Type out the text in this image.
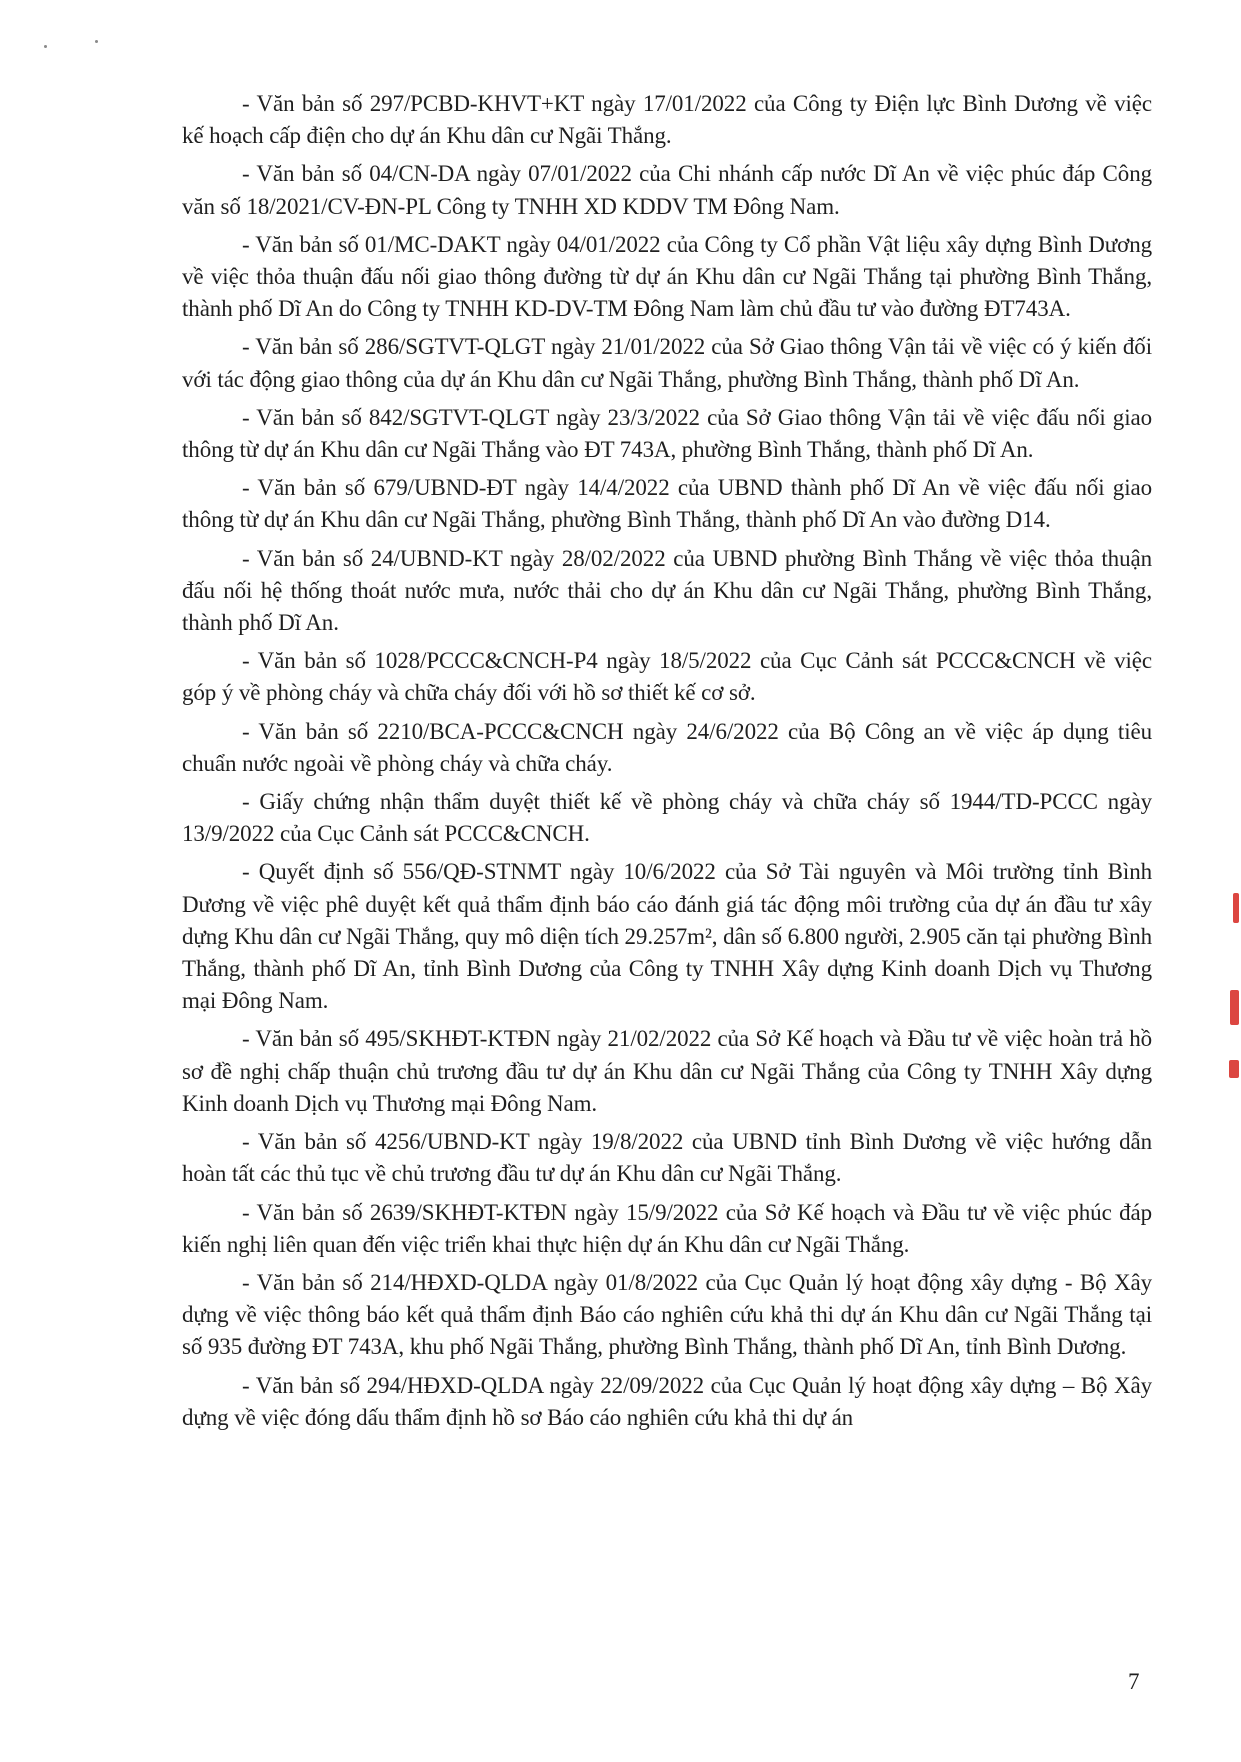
- Văn bản số 297/PCBD-KHVT+KT ngày 17/01/2022 của Công ty Điện lực Bình Dương về việc kế hoạch cấp điện cho dự án Khu dân cư Ngãi Thắng.

- Văn bản số 04/CN-DA ngày 07/01/2022 của Chi nhánh cấp nước Dĩ An về việc phúc đáp Công văn số 18/2021/CV-ĐN-PL Công ty TNHH XD KDDV TM Đông Nam.

- Văn bản số 01/MC-DAKT ngày 04/01/2022 của Công ty Cổ phần Vật liệu xây dựng Bình Dương về việc thỏa thuận đấu nối giao thông đường từ dự án Khu dân cư Ngãi Thắng tại phường Bình Thắng, thành phố Dĩ An do Công ty TNHH KD-DV-TM Đông Nam làm chủ đầu tư vào đường ĐT743A.

- Văn bản số 286/SGTVT-QLGT ngày 21/01/2022 của Sở Giao thông Vận tải về việc có ý kiến đối với tác động giao thông của dự án Khu dân cư Ngãi Thắng, phường Bình Thắng, thành phố Dĩ An.

- Văn bản số 842/SGTVT-QLGT ngày 23/3/2022 của Sở Giao thông Vận tải về việc đấu nối giao thông từ dự án Khu dân cư Ngãi Thắng vào ĐT 743A, phường Bình Thắng, thành phố Dĩ An.

- Văn bản số 679/UBND-ĐT ngày 14/4/2022 của UBND thành phố Dĩ An về việc đấu nối giao thông từ dự án Khu dân cư Ngãi Thắng, phường Bình Thắng, thành phố Dĩ An vào đường D14.

- Văn bản số 24/UBND-KT ngày 28/02/2022 của UBND phường Bình Thắng về việc thỏa thuận đấu nối hệ thống thoát nước mưa, nước thải cho dự án Khu dân cư Ngãi Thắng, phường Bình Thắng, thành phố Dĩ An.

- Văn bản số 1028/PCCC&CNCH-P4 ngày 18/5/2022 của Cục Cảnh sát PCCC&CNCH về việc góp ý về phòng cháy và chữa cháy đối với hồ sơ thiết kế cơ sở.

- Văn bản số 2210/BCA-PCCC&CNCH ngày 24/6/2022 của Bộ Công an về việc áp dụng tiêu chuẩn nước ngoài về phòng cháy và chữa cháy.

- Giấy chứng nhận thẩm duyệt thiết kế về phòng cháy và chữa cháy số 1944/TD-PCCC ngày 13/9/2022 của Cục Cảnh sát PCCC&CNCH.

- Quyết định số 556/QĐ-STNMT ngày 10/6/2022 của Sở Tài nguyên và Môi trường tỉnh Bình Dương về việc phê duyệt kết quả thẩm định báo cáo đánh giá tác động môi trường của dự án đầu tư xây dựng Khu dân cư Ngãi Thắng, quy mô diện tích 29.257m², dân số 6.800 người, 2.905 căn tại phường Bình Thắng, thành phố Dĩ An, tỉnh Bình Dương của Công ty TNHH Xây dựng Kinh doanh Dịch vụ Thương mại Đông Nam.

- Văn bản số 495/SKHĐT-KTĐN ngày 21/02/2022 của Sở Kế hoạch và Đầu tư về việc hoàn trả hồ sơ đề nghị chấp thuận chủ trương đầu tư dự án Khu dân cư Ngãi Thắng của Công ty TNHH Xây dựng Kinh doanh Dịch vụ Thương mại Đông Nam.

- Văn bản số 4256/UBND-KT ngày 19/8/2022 của UBND tỉnh Bình Dương về việc hướng dẫn hoàn tất các thủ tục về chủ trương đầu tư dự án Khu dân cư Ngãi Thắng.

- Văn bản số 2639/SKHĐT-KTĐN ngày 15/9/2022 của Sở Kế hoạch và Đầu tư về việc phúc đáp kiến nghị liên quan đến việc triển khai thực hiện dự án Khu dân cư Ngãi Thắng.

- Văn bản số 214/HĐXD-QLDA ngày 01/8/2022 của Cục Quản lý hoạt động xây dựng - Bộ Xây dựng về việc thông báo kết quả thẩm định Báo cáo nghiên cứu khả thi dự án Khu dân cư Ngãi Thắng tại số 935 đường ĐT 743A, khu phố Ngãi Thắng, phường Bình Thắng, thành phố Dĩ An, tỉnh Bình Dương.

- Văn bản số 294/HĐXD-QLDA ngày 22/09/2022 của Cục Quản lý hoạt động xây dựng – Bộ Xây dựng về việc đóng dấu thẩm định hồ sơ Báo cáo nghiên cứu khả thi dự án

7
